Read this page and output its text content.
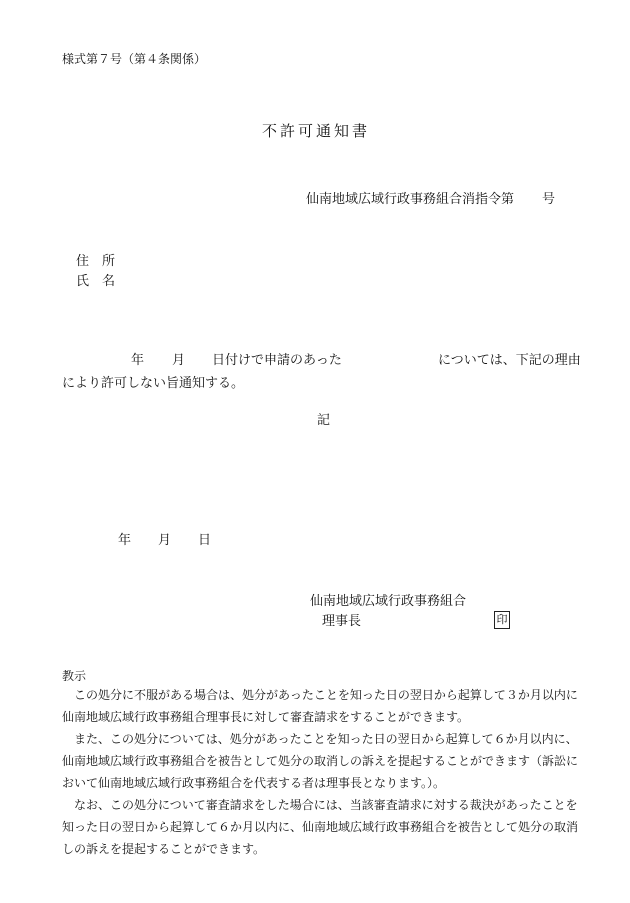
様式第７号（第４条関係）
不許可通知書
仙南地域広域行政事務組合消指令第 号
住　所
氏　名
年 月 日付けで申請のあった	については、下記の理由
により許可しない旨通知する。
記
年 月 日
仙南地域広域行政事務組合
理事長	印
教示
この処分に不服がある場合は、処分があったことを知った日の翌日から起算して３か月以内に仙南地域広域行政事務組合理事長に対して審査請求をすることができます。
また、この処分については、処分があったことを知った日の翌日から起算して６か月以内に、仙南地域広域行政事務組合を被告として処分の取消しの訴えを提起することができます（訴訟において仙南地域広域行政事務組合を代表する者は理事長となります。）。
なお、この処分について審査請求をした場合には、当該審査請求に対する裁決があったことを知った日の翌日から起算して６か月以内に、仙南地域広域行政事務組合を被告として処分の取消しの訴えを提起することができます。
